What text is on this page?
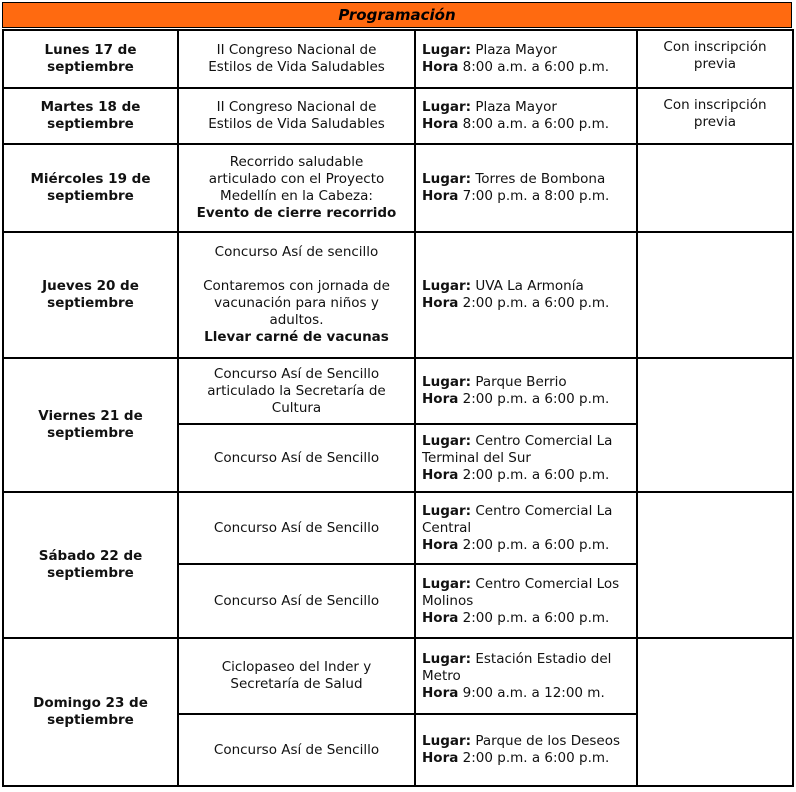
Programación
Lunes 17 de
septiembre
Con inscripción
previa
II Congreso Nacional de
Estilos de Vida Saludables
Lugar: Plaza Mayor
Hora 8:00 a.m. a 6:00 p.m.
Martes 18 de
septiembre
Con inscripción
previa
II Congreso Nacional de
Estilos de Vida Saludables
Lugar: Plaza Mayor
Hora 8:00 a.m. a 6:00 p.m.
Miércoles 19 de
septiembre
Recorrido saludable
articulado con el Proyecto
Medellín en la Cabeza:
Evento de cierre recorrido
Lugar: Torres de Bombona
Hora 7:00 p.m. a 8:00 p.m.
Jueves 20 de
septiembre
Concurso Así de sencillo

Contaremos con jornada de
vacunación para niños y
adultos.
Llevar carné de vacunas
Lugar: UVA La Armonía
Hora 2:00 p.m. a 6:00 p.m.
Viernes 21 de
septiembre
Concurso Así de Sencillo
articulado la Secretaría de
Cultura
Lugar: Parque Berrio
Hora 2:00 p.m. a 6:00 p.m.
Concurso Así de Sencillo
Lugar: Centro Comercial La
Terminal del Sur
Hora 2:00 p.m. a 6:00 p.m.
Sábado 22 de
septiembre
Concurso Así de Sencillo
Lugar: Centro Comercial La
Central
Hora 2:00 p.m. a 6:00 p.m.
Concurso Así de Sencillo
Lugar: Centro Comercial Los
Molinos
Hora 2:00 p.m. a 6:00 p.m.
Domingo 23 de
septiembre
Ciclopaseo del Inder y
Secretaría de Salud
Lugar: Estación Estadio del
Metro
Hora 9:00 a.m. a 12:00 m.
Concurso Así de Sencillo
Lugar: Parque de los Deseos
Hora 2:00 p.m. a 6:00 p.m.
